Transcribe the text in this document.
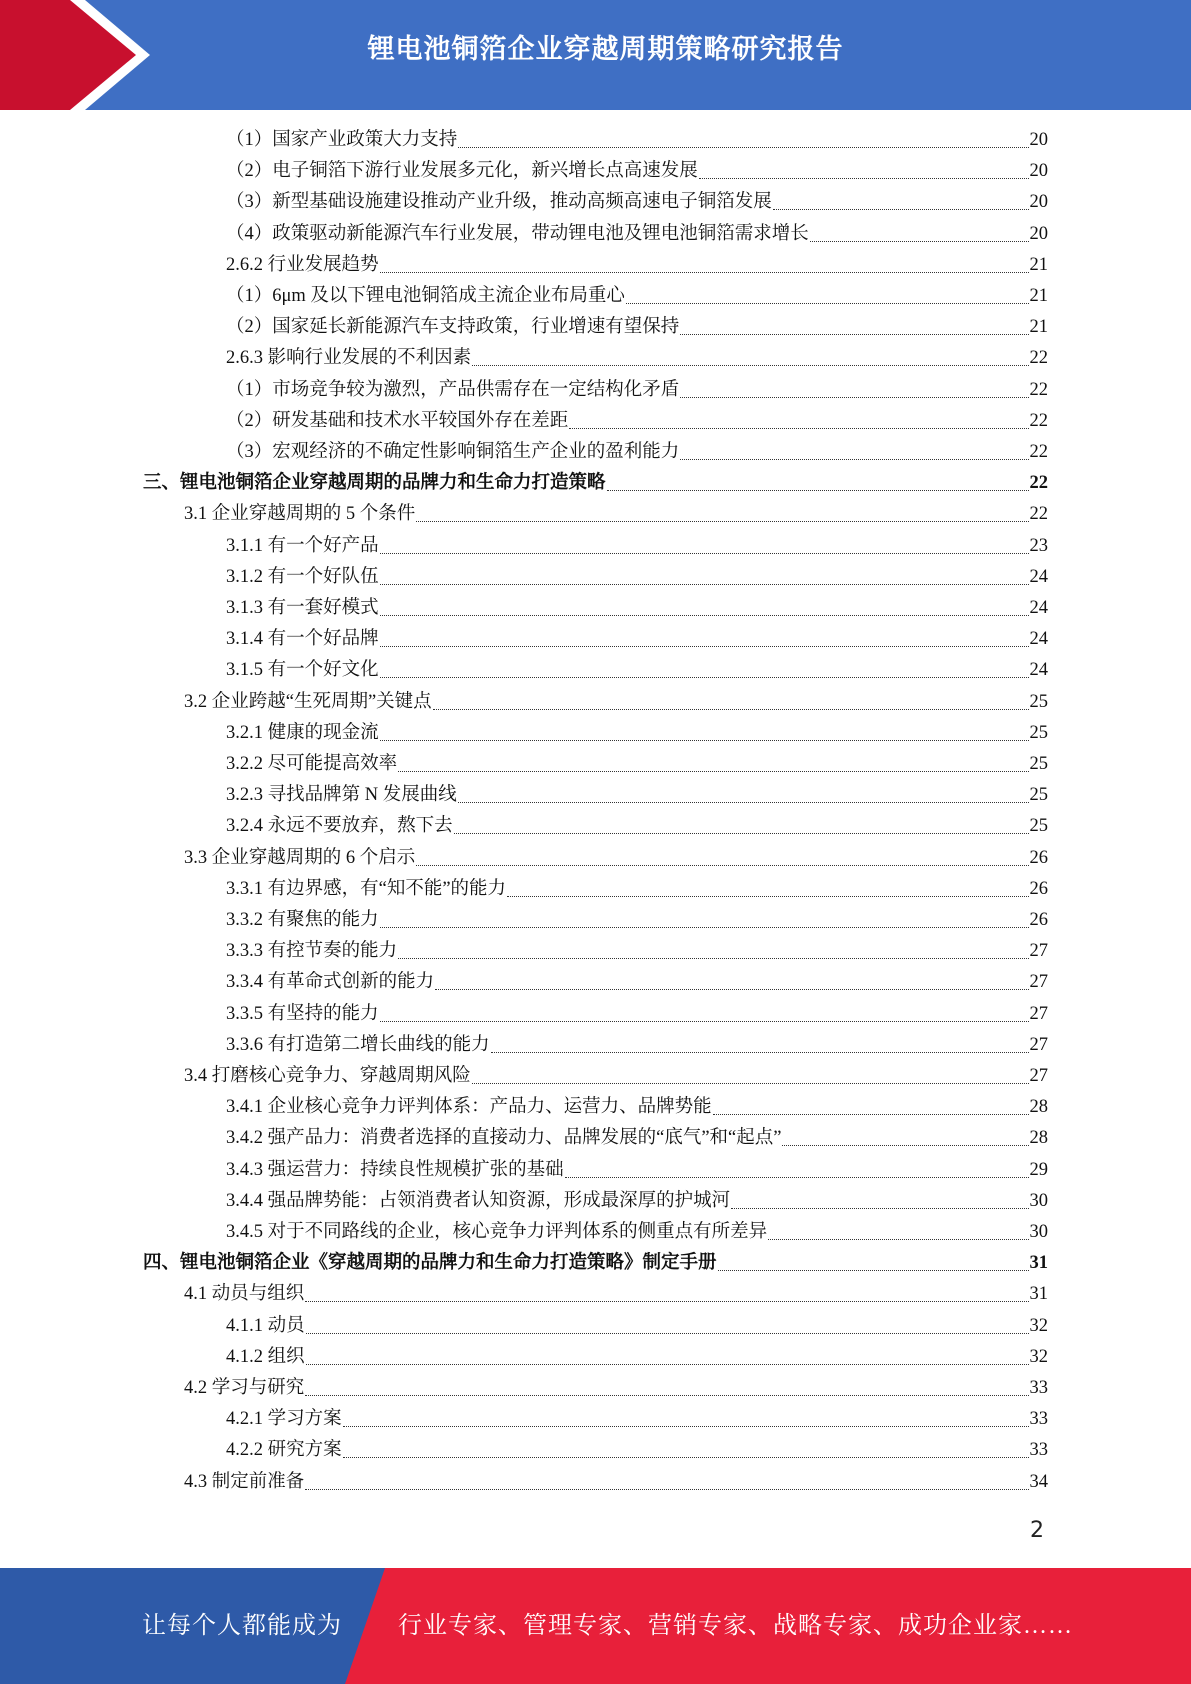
锂电池铜箔企业穿越周期策略研究报告
（1）国家产业政策大力支持	20
（2）电子铜箔下游行业发展多元化，新兴增长点高速发展	20
（3）新型基础设施建设推动产业升级，推动高频高速电子铜箔发展	20
（4）政策驱动新能源汽车行业发展，带动锂电池及锂电池铜箔需求增长	20
2.6.2 行业发展趋势	21
（1）6μm 及以下锂电池铜箔成主流企业布局重心	21
（2）国家延长新能源汽车支持政策，行业增速有望保持	21
2.6.3 影响行业发展的不利因素	22
（1）市场竞争较为激烈，产品供需存在一定结构化矛盾	22
（2）研发基础和技术水平较国外存在差距	22
（3）宏观经济的不确定性影响铜箔生产企业的盈利能力	22
三、锂电池铜箔企业穿越周期的品牌力和生命力打造策略	22
3.1 企业穿越周期的 5 个条件	22
3.1.1 有一个好产品	23
3.1.2 有一个好队伍	24
3.1.3 有一套好模式	24
3.1.4 有一个好品牌	24
3.1.5 有一个好文化	24
3.2 企业跨越“生死周期”关键点	25
3.2.1 健康的现金流	25
3.2.2 尽可能提高效率	25
3.2.3 寻找品牌第 N 发展曲线	25
3.2.4 永远不要放弃，熬下去	25
3.3 企业穿越周期的 6 个启示	26
3.3.1 有边界感，有“知不能”的能力	26
3.3.2 有聚焦的能力	26
3.3.3 有控节奏的能力	27
3.3.4 有革命式创新的能力	27
3.3.5 有坚持的能力	27
3.3.6 有打造第二增长曲线的能力	27
3.4 打磨核心竞争力、穿越周期风险	27
3.4.1 企业核心竞争力评判体系：产品力、运营力、品牌势能	28
3.4.2 强产品力：消费者选择的直接动力、品牌发展的“底气”和“起点”	28
3.4.3 强运营力：持续良性规模扩张的基础	29
3.4.4 强品牌势能：占领消费者认知资源，形成最深厚的护城河	30
3.4.5 对于不同路线的企业，核心竞争力评判体系的侧重点有所差异	30
四、锂电池铜箔企业《穿越周期的品牌力和生命力打造策略》制定手册	31
4.1 动员与组织	31
4.1.1 动员	32
4.1.2 组织	32
4.2 学习与研究	33
4.2.1 学习方案	33
4.2.2 研究方案	33
4.3 制定前准备	34
2
让每个人都能成为 行业专家、管理专家、营销专家、战略专家、成功企业家……
